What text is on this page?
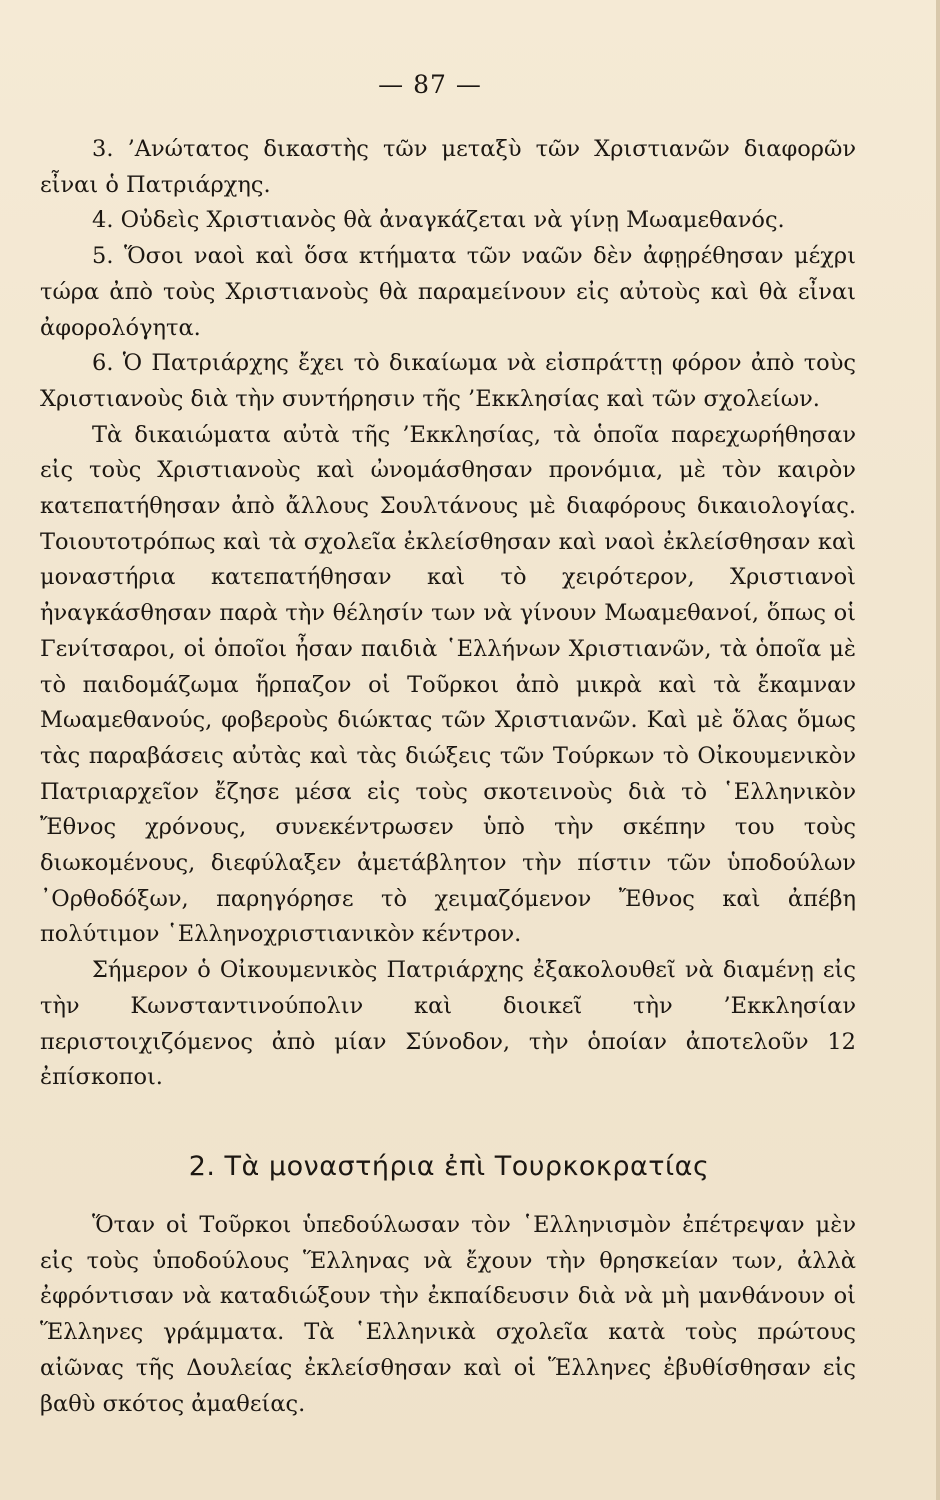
— 87 —

3. ’Ανώτατος δικαστὴς τῶν μεταξὺ τῶν Χριστιανῶν διαφορῶν εἶναι ὁ Πατριάρχης.

4. Οὐδεὶς Χριστιανὸς θὰ ἀναγκάζεται νὰ γίνῃ Μωαμεθανός.

5. Ὅσοι ναοὶ καὶ ὅσα κτήματα τῶν ναῶν δὲν ἀφῃρέθησαν μέχρι τώρα ἀπὸ τοὺς Χριστιανοὺς θὰ παραμείνουν εἰς αὐτοὺς καὶ θὰ εἶναι ἀφορολόγητα.

6. Ὁ Πατριάρχης ἔχει τὸ δικαίωμα νὰ εἰσπράττῃ φόρον ἀπὸ τοὺς Χριστιανοὺς διὰ τὴν συντήρησιν τῆς ’Εκκλησίας καὶ τῶν σχολείων.

Τὰ δικαιώματα αὐτὰ τῆς ’Εκκλησίας, τὰ ὁποῖα παρεχωρήθησαν εἰς τοὺς Χριστιανοὺς καὶ ὠνομάσθησαν προνόμια, μὲ τὸν καιρὸν κατεπατήθησαν ἀπὸ ἄλλους Σουλτάνους μὲ διαφόρους δικαιολογίας. Τοιουτοτρόπως καὶ τὰ σχολεῖα ἐκλείσθησαν καὶ ναοὶ ἐκλείσθησαν καὶ μοναστήρια κατεπατήθησαν καὶ τὸ χειρότερον, Χριστιανοὶ ἠναγκάσθησαν παρὰ τὴν θέλησίν των νὰ γίνουν Μωαμεθανοί, ὅπως οἱ Γενίτσαροι, οἱ ὁποῖοι ἦσαν παιδιὰ ῾Ελλήνων Χριστιανῶν, τὰ ὁποῖα μὲ τὸ παιδομάζωμα ἥρπαζον οἱ Τοῦρκοι ἀπὸ μικρὰ καὶ τὰ ἔκαμναν Μωαμεθανούς, φοβεροὺς διώκτας τῶν Χριστιανῶν. Καὶ μὲ ὅλας ὅμως τὰς παραβάσεις αὐτὰς καὶ τὰς διώξεις τῶν Τούρκων τὸ Οἰκουμενικὸν Πατριαρχεῖον ἔζησε μέσα εἰς τοὺς σκοτεινοὺς διὰ τὸ ῾Ελληνικὸν Ἔθνος χρόνους, συνεκέντρωσεν ὑπὸ τὴν σκέπην του τοὺς διωκομένους, διεφύλαξεν ἀμετάβλητον τὴν πίστιν τῶν ὑποδούλων ᾿Ορθοδόξων, παρηγόρησε τὸ χειμαζόμενον Ἔθνος καὶ ἀπέβη πολύτιμον ῾Ελληνοχριστιανικὸν κέντρον.

Σήμερον ὁ Οἰκουμενικὸς Πατριάρχης ἐξακολουθεῖ νὰ διαμένῃ εἰς τὴν Κωνσταντινούπολιν καὶ διοικεῖ τὴν ’Εκκλησίαν περιστοιχιζόμενος ἀπὸ μίαν Σύνοδον, τὴν ὁποίαν ἀποτελοῦν 12 ἐπίσκοποι.

2. Τὰ μοναστήρια ἐπὶ Τουρκοκρατίας

Ὅταν οἱ Τοῦρκοι ὑπεδούλωσαν τὸν ῾Ελληνισμὸν ἐπέτρεψαν μὲν εἰς τοὺς ὑποδούλους Ἕλληνας νὰ ἔχουν τὴν θρησκείαν των, ἀλλὰ ἐφρόντισαν νὰ καταδιώξουν τὴν ἐκπαίδευσιν διὰ νὰ μὴ μανθάνουν οἱ Ἕλληνες γράμματα. Τὰ ῾Ελληνικὰ σχολεῖα κατὰ τοὺς πρώτους αἰῶνας τῆς Δουλείας ἐκλείσθησαν καὶ οἱ Ἕλληνες ἐβυθίσθησαν εἰς βαθὺ σκότος ἀμαθείας.
